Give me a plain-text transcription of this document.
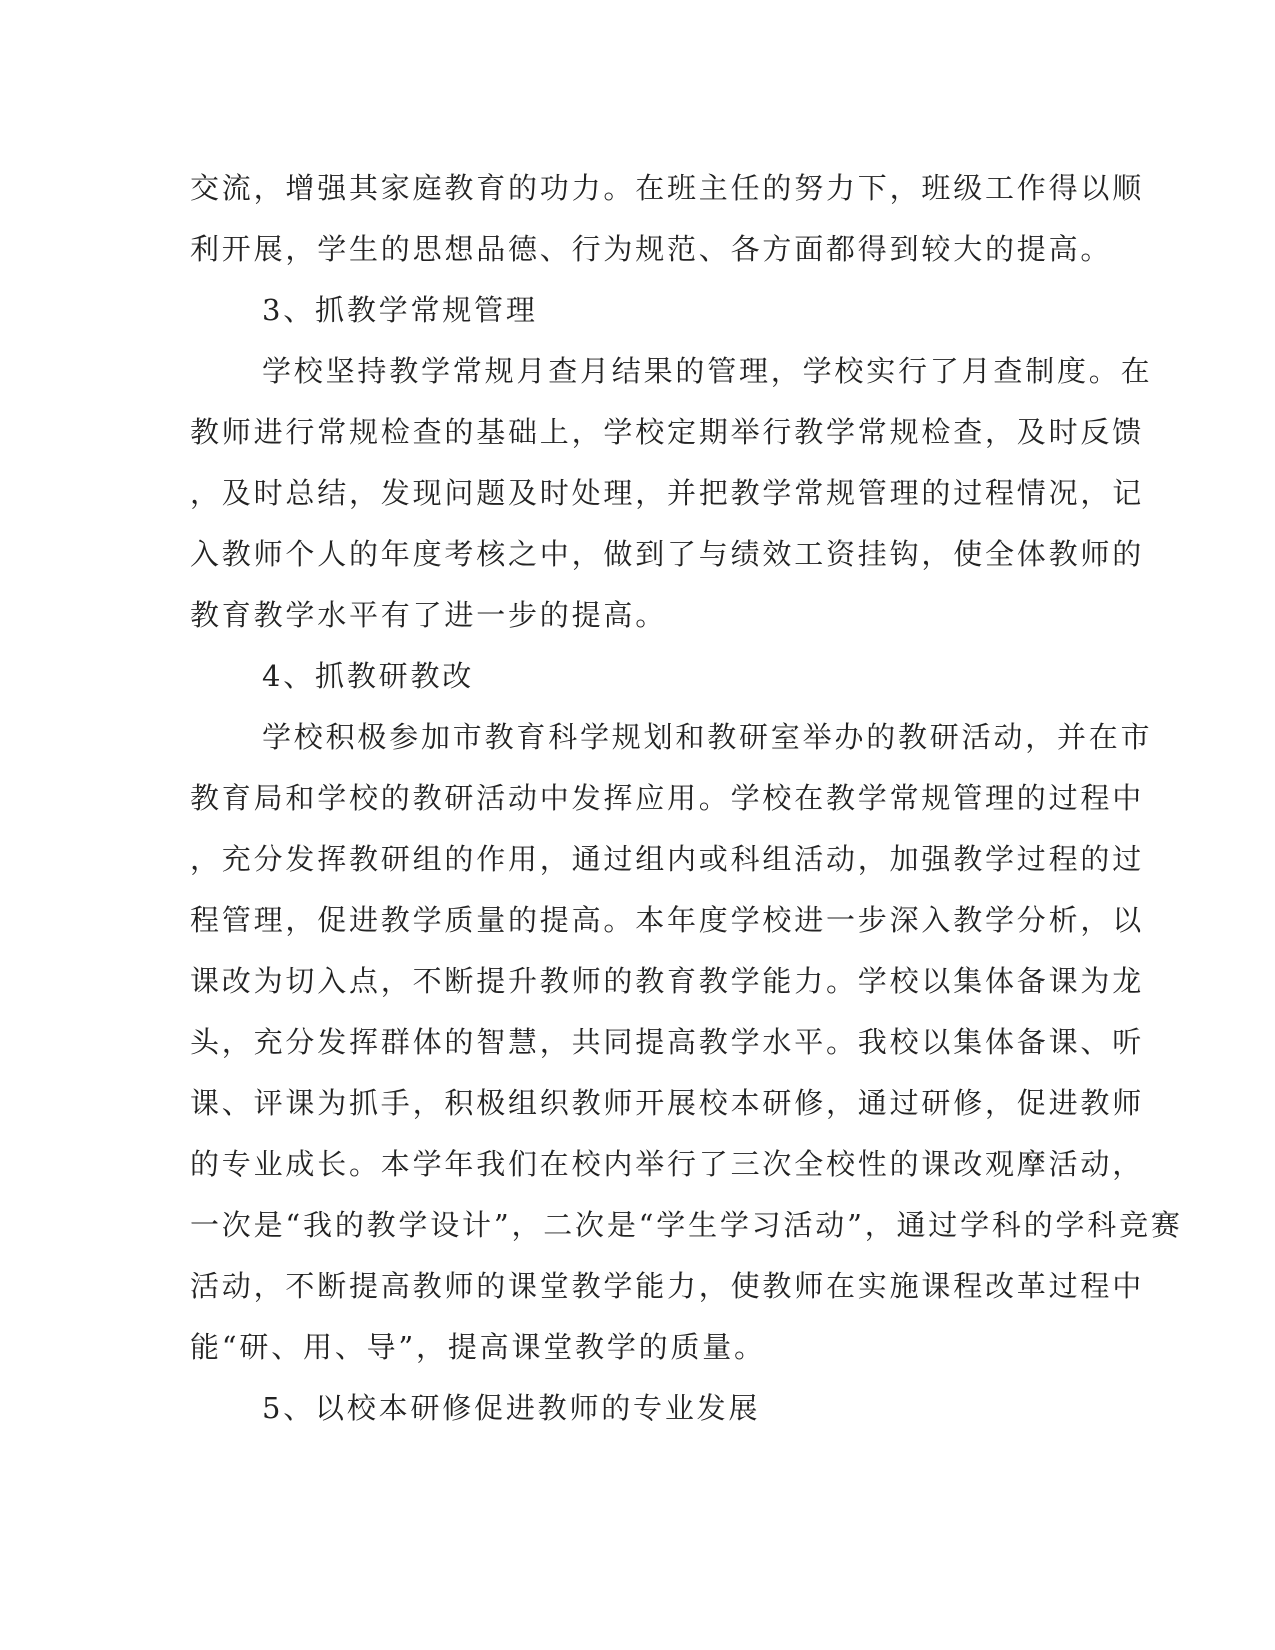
交流，增强其家庭教育的功力。在班主任的努力下，班级工作得以顺
利开展，学生的思想品德、行为规范、各方面都得到较大的提高。
3、抓教学常规管理
学校坚持教学常规月查月结果的管理，学校实行了月查制度。在
教师进行常规检查的基础上，学校定期举行教学常规检查，及时反馈
，及时总结，发现问题及时处理，并把教学常规管理的过程情况，记
入教师个人的年度考核之中，做到了与绩效工资挂钩，使全体教师的
教育教学水平有了进一步的提高。
4、抓教研教改
学校积极参加市教育科学规划和教研室举办的教研活动，并在市
教育局和学校的教研活动中发挥应用。学校在教学常规管理的过程中
，充分发挥教研组的作用，通过组内或科组活动，加强教学过程的过
程管理，促进教学质量的提高。本年度学校进一步深入教学分析，以
课改为切入点，不断提升教师的教育教学能力。学校以集体备课为龙
头，充分发挥群体的智慧，共同提高教学水平。我校以集体备课、听
课、评课为抓手，积极组织教师开展校本研修，通过研修，促进教师
的专业成长。本学年我们在校内举行了三次全校性的课改观摩活动，
一次是“我的教学设计”，二次是“学生学习活动”，通过学科的学科竞赛
活动，不断提高教师的课堂教学能力，使教师在实施课程改革过程中
能“研、用、导”，提高课堂教学的质量。
5、以校本研修促进教师的专业发展
